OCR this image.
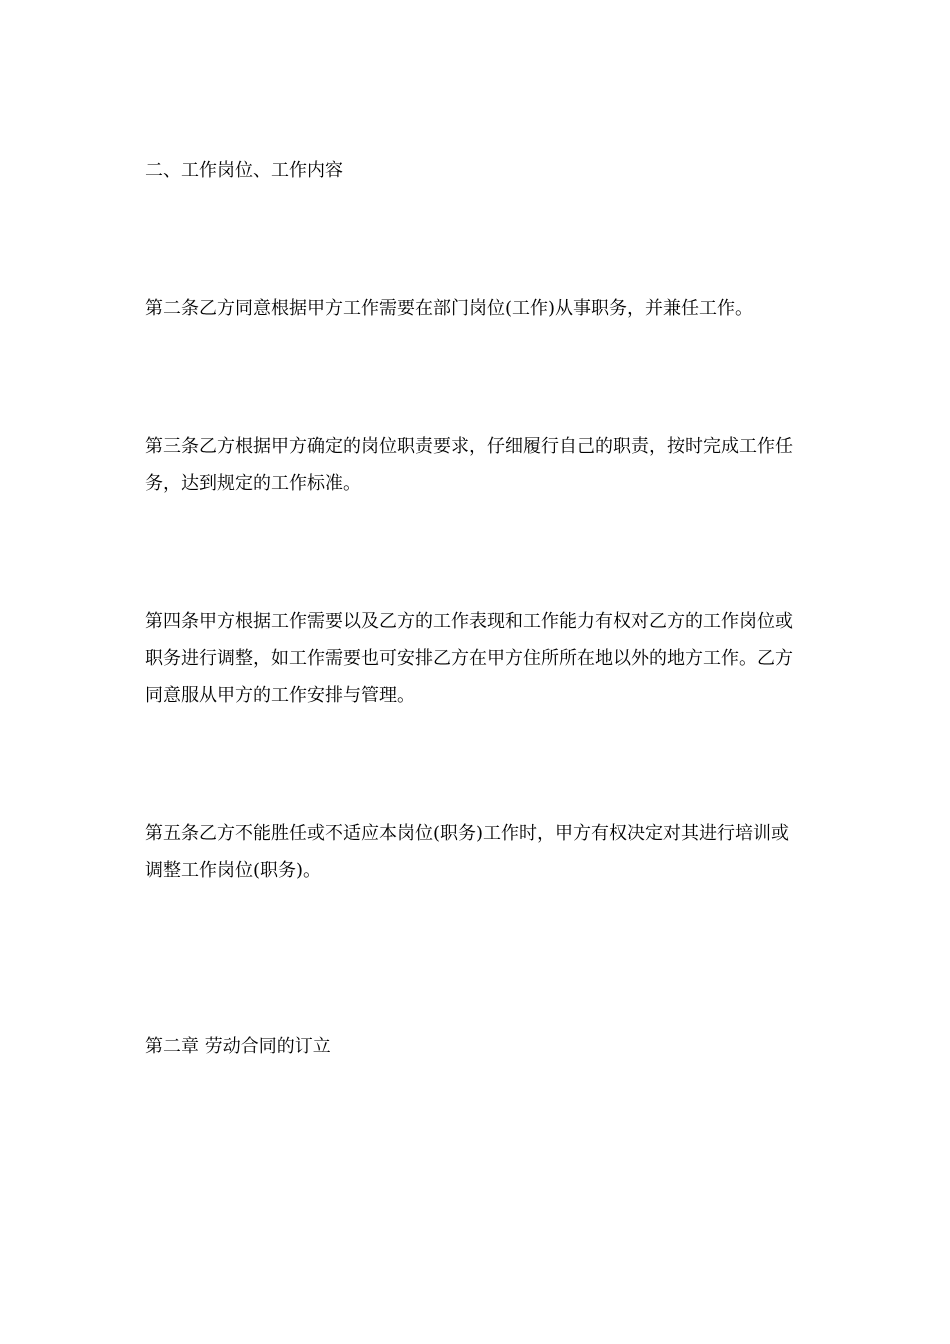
二、工作岗位、工作内容

第二条乙方同意根据甲方工作需要在部门岗位(工作)从事职务，并兼任工作。

第三条乙方根据甲方确定的岗位职责要求，仔细履行自己的职责，按时完成工作任务，达到规定的工作标准。

第四条甲方根据工作需要以及乙方的工作表现和工作能力有权对乙方的工作岗位或职务进行调整，如工作需要也可安排乙方在甲方住所所在地以外的地方工作。乙方同意服从甲方的工作安排与管理。

第五条乙方不能胜任或不适应本岗位(职务)工作时，甲方有权决定对其进行培训或调整工作岗位(职务)。

第二章 劳动合同的订立
